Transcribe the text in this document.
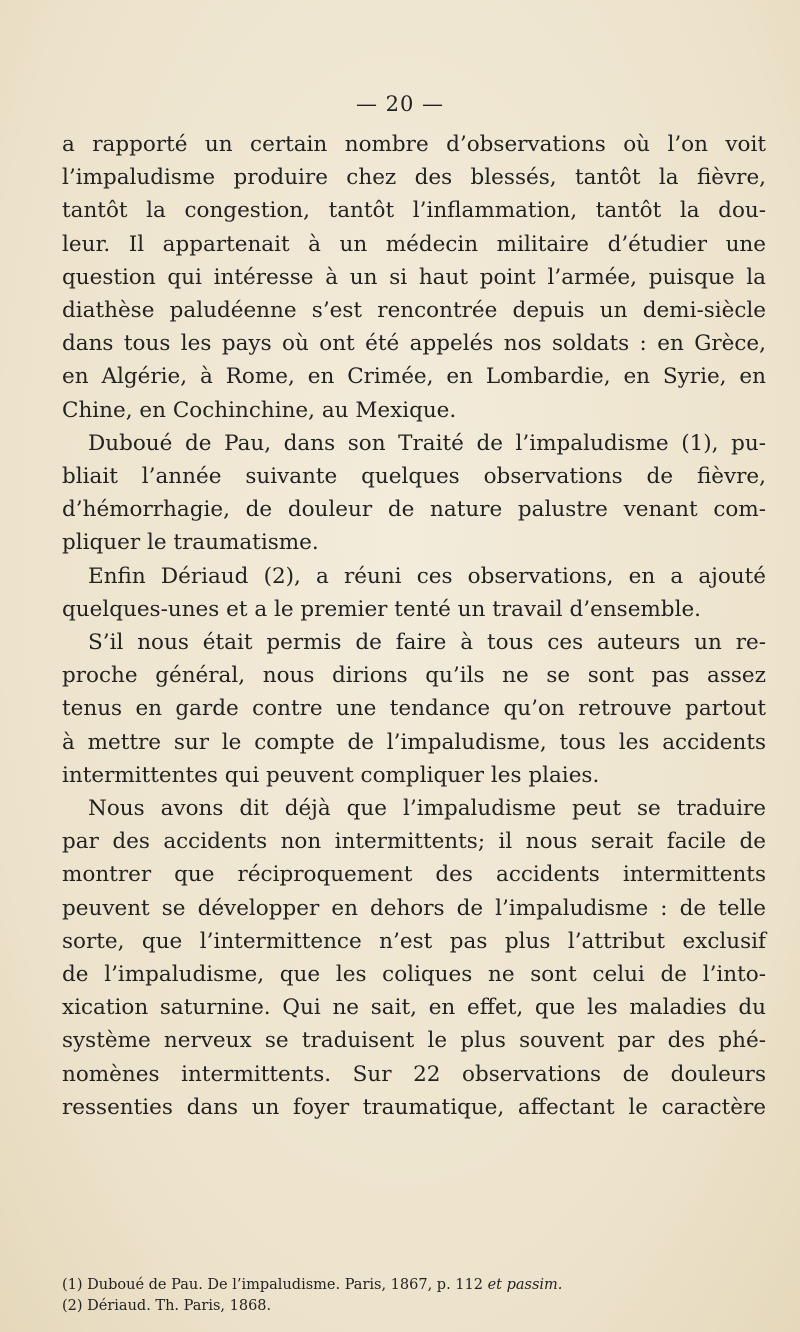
— 20 —

a rapporté un certain nombre d’observations où l’on voit

l’impaludisme produire chez des blessés, tantôt la fièvre,

tantôt la congestion, tantôt l’inflammation, tantôt la dou-

leur. Il appartenait à un médecin militaire d’étudier une

question qui intéresse à un si haut point l’armée, puisque la

diathèse paludéenne s’est rencontrée depuis un demi-siècle

dans tous les pays où ont été appelés nos soldats : en Grèce,

en Algérie, à Rome, en Crimée, en Lombardie, en Syrie, en

Chine, en Cochinchine, au Mexique.

Duboué de Pau, dans son Traité de l’impaludisme (1), pu-

bliait l’année suivante quelques observations de fièvre,

d’hémorrhagie, de douleur de nature palustre venant com-

pliquer le traumatisme.

Enfin Dériaud (2), a réuni ces observations, en a ajouté

quelques-unes et a le premier tenté un travail d’ensemble.

S’il nous était permis de faire à tous ces auteurs un re-

proche général, nous dirions qu’ils ne se sont pas assez

tenus en garde contre une tendance qu’on retrouve partout

à mettre sur le compte de l’impaludisme, tous les accidents

intermittentes qui peuvent compliquer les plaies.

Nous avons dit déjà que l’impaludisme peut se traduire

par des accidents non intermittents; il nous serait facile de

montrer que réciproquement des accidents intermittents

peuvent se développer en dehors de l’impaludisme : de telle

sorte, que l’intermittence n’est pas plus l’attribut exclusif

de l’impaludisme, que les coliques ne sont celui de l’into-

xication saturnine. Qui ne sait, en effet, que les maladies du

système nerveux se traduisent le plus souvent par des phé-

nomènes intermittents. Sur 22 observations de douleurs

ressenties dans un foyer traumatique, affectant le caractère

(1) Duboué de Pau. De l’impaludisme. Paris, 1867, p. 112 et passim.

(2) Dériaud. Th. Paris, 1868.
